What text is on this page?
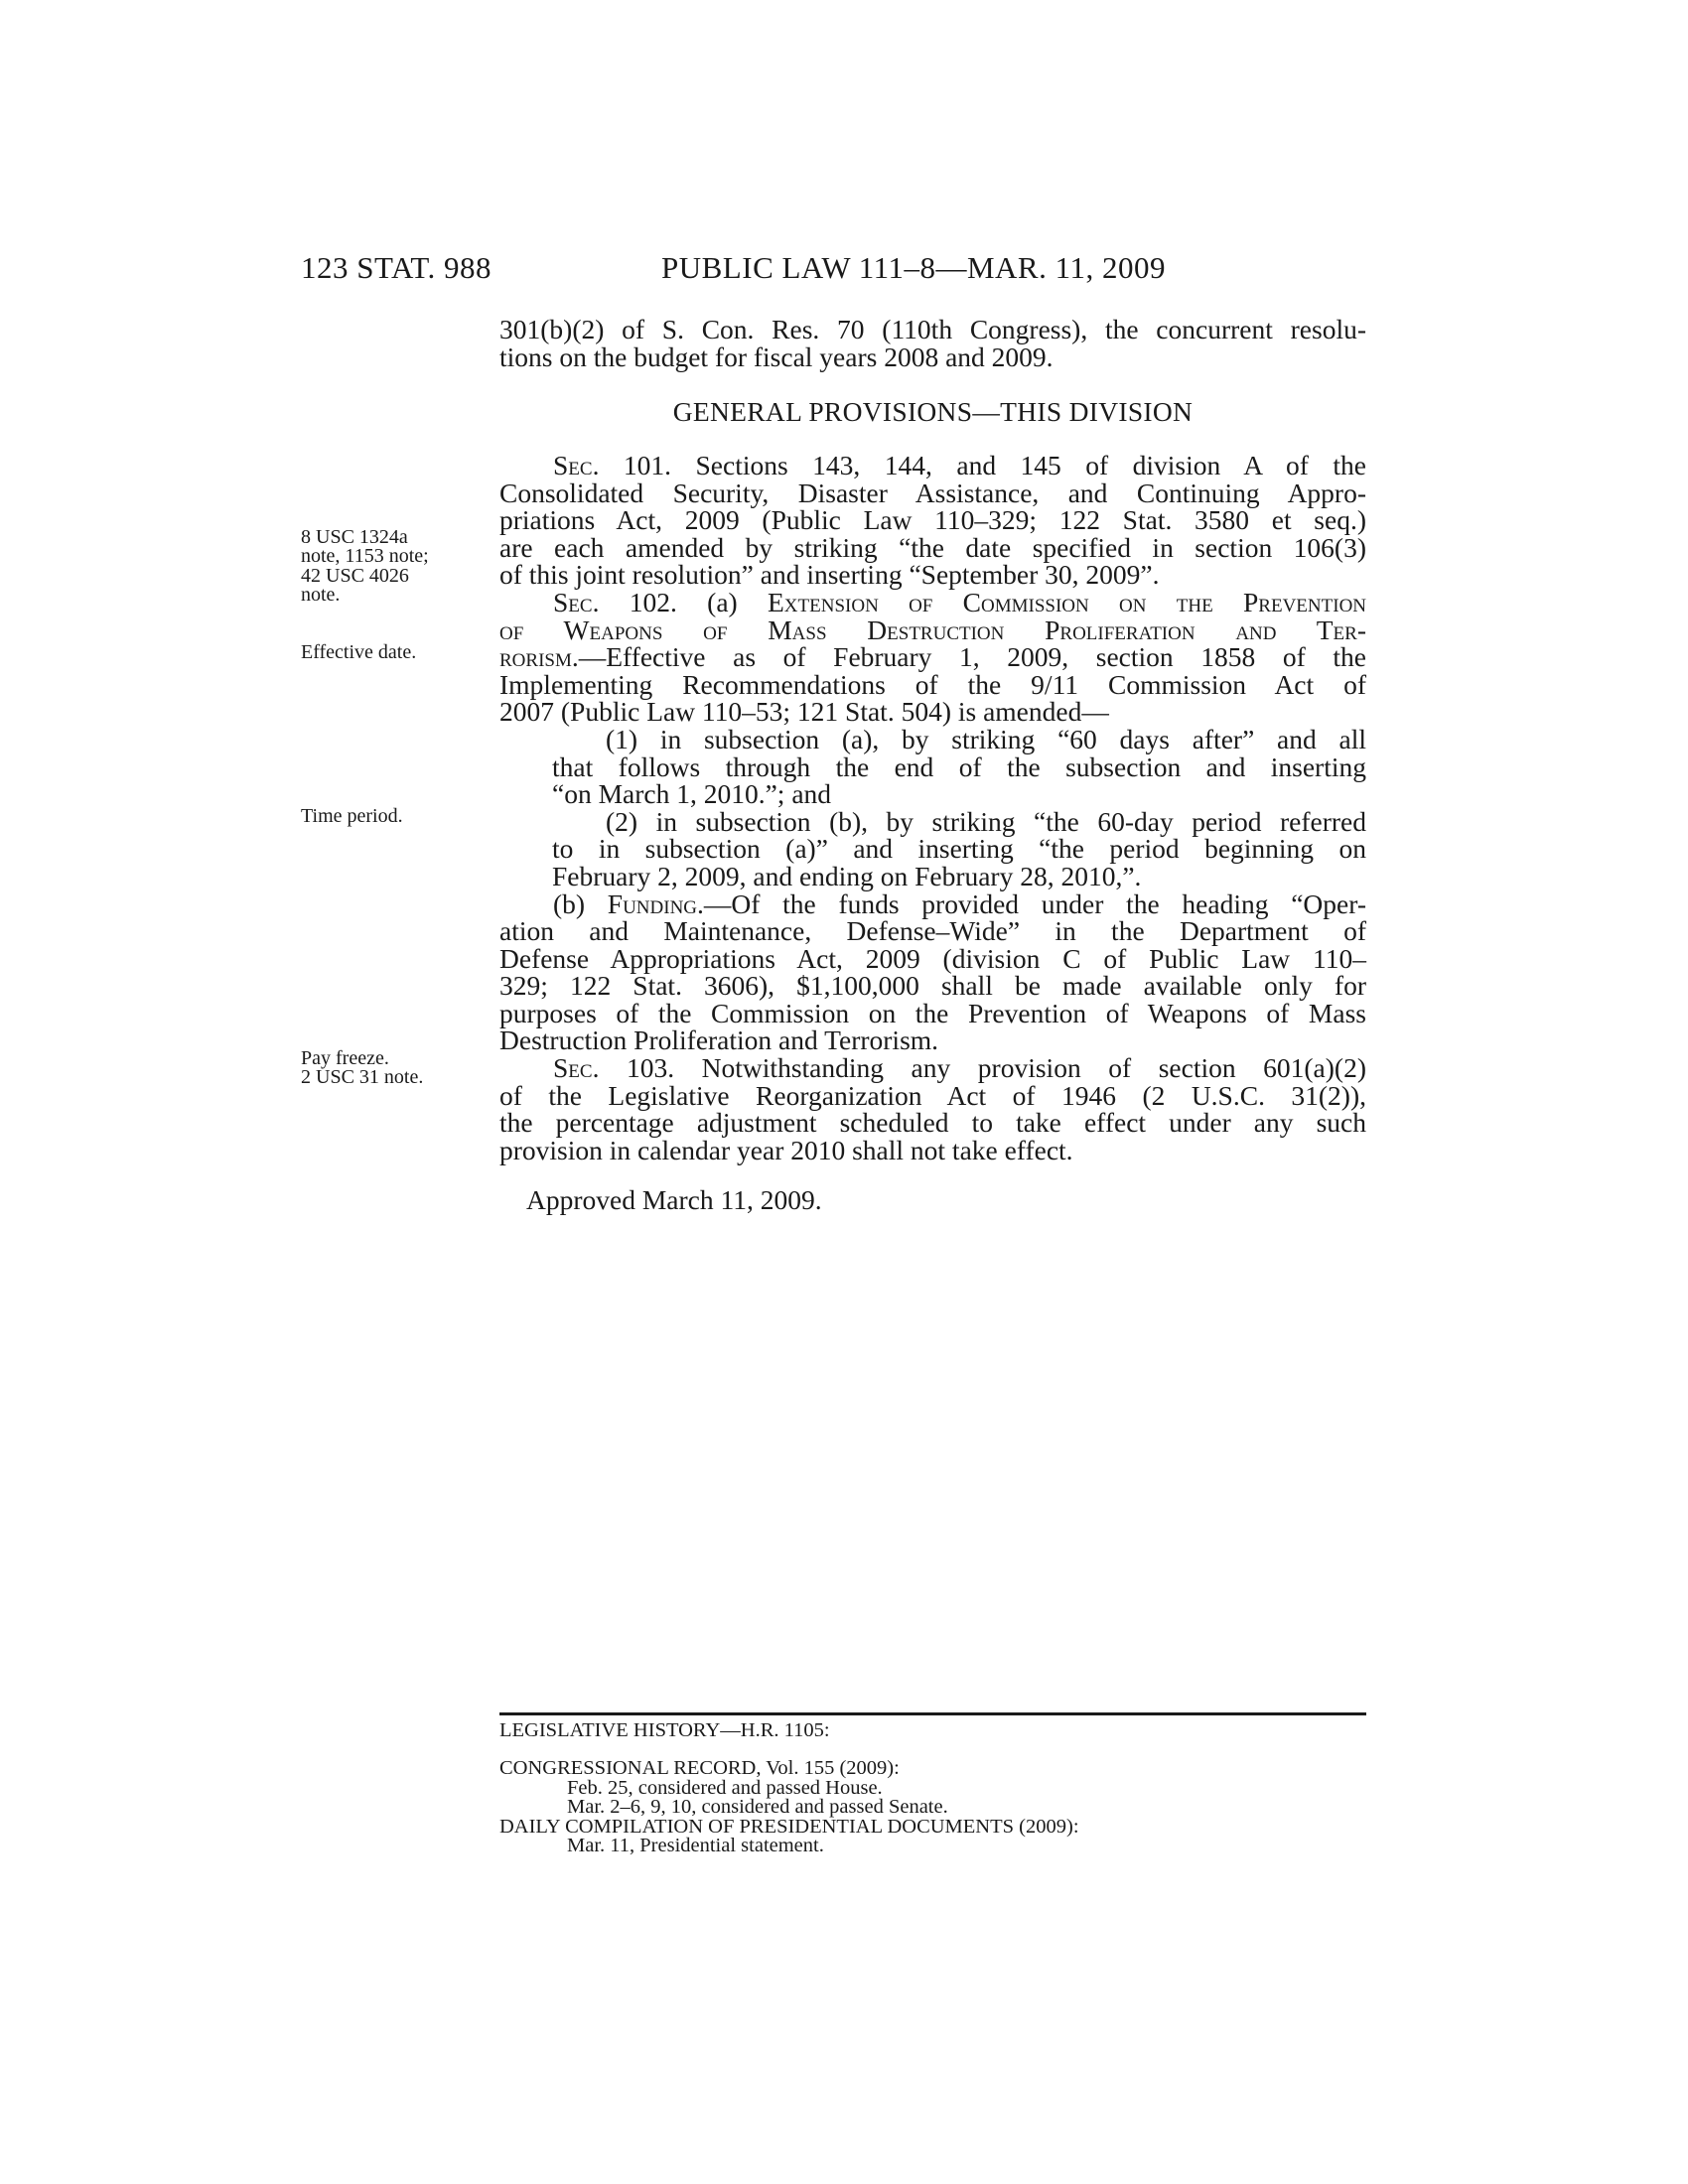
123 STAT. 988	PUBLIC LAW 111–8—MAR. 11, 2009

301(b)(2) of S. Con. Res. 70 (110th Congress), the concurrent resolu-

tions on the budget for fiscal years 2008 and 2009.

GENERAL PROVISIONS—THIS DIVISION
8 USC 1324a
note, 1153 note;
42 USC 4026
note.
Effective date.
Time period.
Pay freeze.
2 USC 31 note.

Sec. 101. Sections 143, 144, and 145 of division A of the

Consolidated Security, Disaster Assistance, and Continuing Appro-

priations Act, 2009 (Public Law 110–329; 122 Stat. 3580 et seq.)

are each amended by striking “the date specified in section 106(3)

of this joint resolution” and inserting “September 30, 2009”.

Sec. 102. (a) Extension of Commission on the Prevention

of Weapons of Mass Destruction Proliferation and Ter-

rorism.—Effective as of February 1, 2009, section 1858 of the

Implementing Recommendations of the 9/11 Commission Act of

2007 (Public Law 110–53; 121 Stat. 504) is amended—

(1) in subsection (a), by striking “60 days after” and all

that follows through the end of the subsection and inserting

“on March 1, 2010.”; and

(2) in subsection (b), by striking “the 60-day period referred

to in subsection (a)” and inserting “the period beginning on

February 2, 2009, and ending on February 28, 2010,”.

(b) Funding.—Of the funds provided under the heading “Oper-

ation and Maintenance, Defense–Wide” in the Department of

Defense Appropriations Act, 2009 (division C of Public Law 110–

329; 122 Stat. 3606), $1,100,000 shall be made available only for

purposes of the Commission on the Prevention of Weapons of Mass

Destruction Proliferation and Terrorism.

Sec. 103. Notwithstanding any provision of section 601(a)(2)

of the Legislative Reorganization Act of 1946 (2 U.S.C. 31(2)),

the percentage adjustment scheduled to take effect under any such

provision in calendar year 2010 shall not take effect.

Approved March 11, 2009.
LEGISLATIVE HISTORY—H.R. 1105:
CONGRESSIONAL RECORD, Vol. 155 (2009):
Feb. 25, considered and passed House.
Mar. 2–6, 9, 10, considered and passed Senate.
DAILY COMPILATION OF PRESIDENTIAL DOCUMENTS (2009):
Mar. 11, Presidential statement.
